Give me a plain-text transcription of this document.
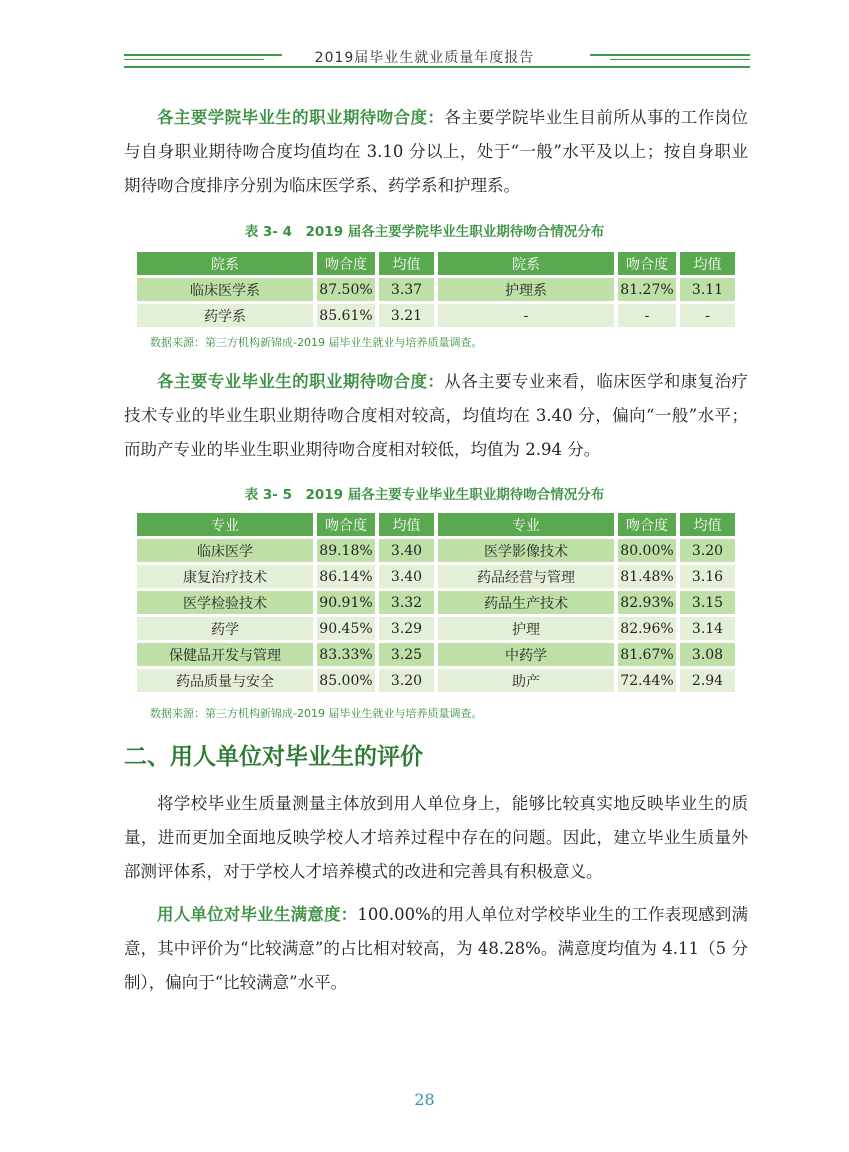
2019届毕业生就业质量年度报告

各主要学院毕业生的职业期待吻合度：各主要学院毕业生目前所从事的工作岗位与自身职业期待吻合度均值均在 3.10 分以上，处于“一般”水平及以上；按自身职业期待吻合度排序分别为临床医学系、药学系和护理系。

表 3- 4　2019 届各主要学院毕业生职业期待吻合情况分布
院系	吻合度	均值	院系	吻合度	均值
临床医学系	87.50%	3.37	护理系	81.27%	3.11
药学系	85.61%	3.21	-	-	-
数据来源：第三方机构新锦成-2019 届毕业生就业与培养质量调查。

各主要专业毕业生的职业期待吻合度：从各主要专业来看，临床医学和康复治疗技术专业的毕业生职业期待吻合度相对较高，均值均在 3.40 分，偏向“一般”水平；而助产专业的毕业生职业期待吻合度相对较低，均值为 2.94 分。

表 3- 5　2019 届各主要专业毕业生职业期待吻合情况分布
专业	吻合度	均值	专业	吻合度	均值
临床医学	89.18%	3.40	医学影像技术	80.00%	3.20
康复治疗技术	86.14%	3.40	药品经营与管理	81.48%	3.16
医学检验技术	90.91%	3.32	药品生产技术	82.93%	3.15
药学	90.45%	3.29	护理	82.96%	3.14
保健品开发与管理	83.33%	3.25	中药学	81.67%	3.08
药品质量与安全	85.00%	3.20	助产	72.44%	2.94
数据来源：第三方机构新锦成-2019 届毕业生就业与培养质量调查。
二、用人单位对毕业生的评价

将学校毕业生质量测量主体放到用人单位身上，能够比较真实地反映毕业生的质量，进而更加全面地反映学校人才培养过程中存在的问题。因此，建立毕业生质量外部测评体系，对于学校人才培养模式的改进和完善具有积极意义。

用人单位对毕业生满意度：100.00%的用人单位对学校毕业生的工作表现感到满意，其中评价为“比较满意”的占比相对较高，为 48.28%。满意度均值为 4.11（5 分制），偏向于“比较满意”水平。

28
